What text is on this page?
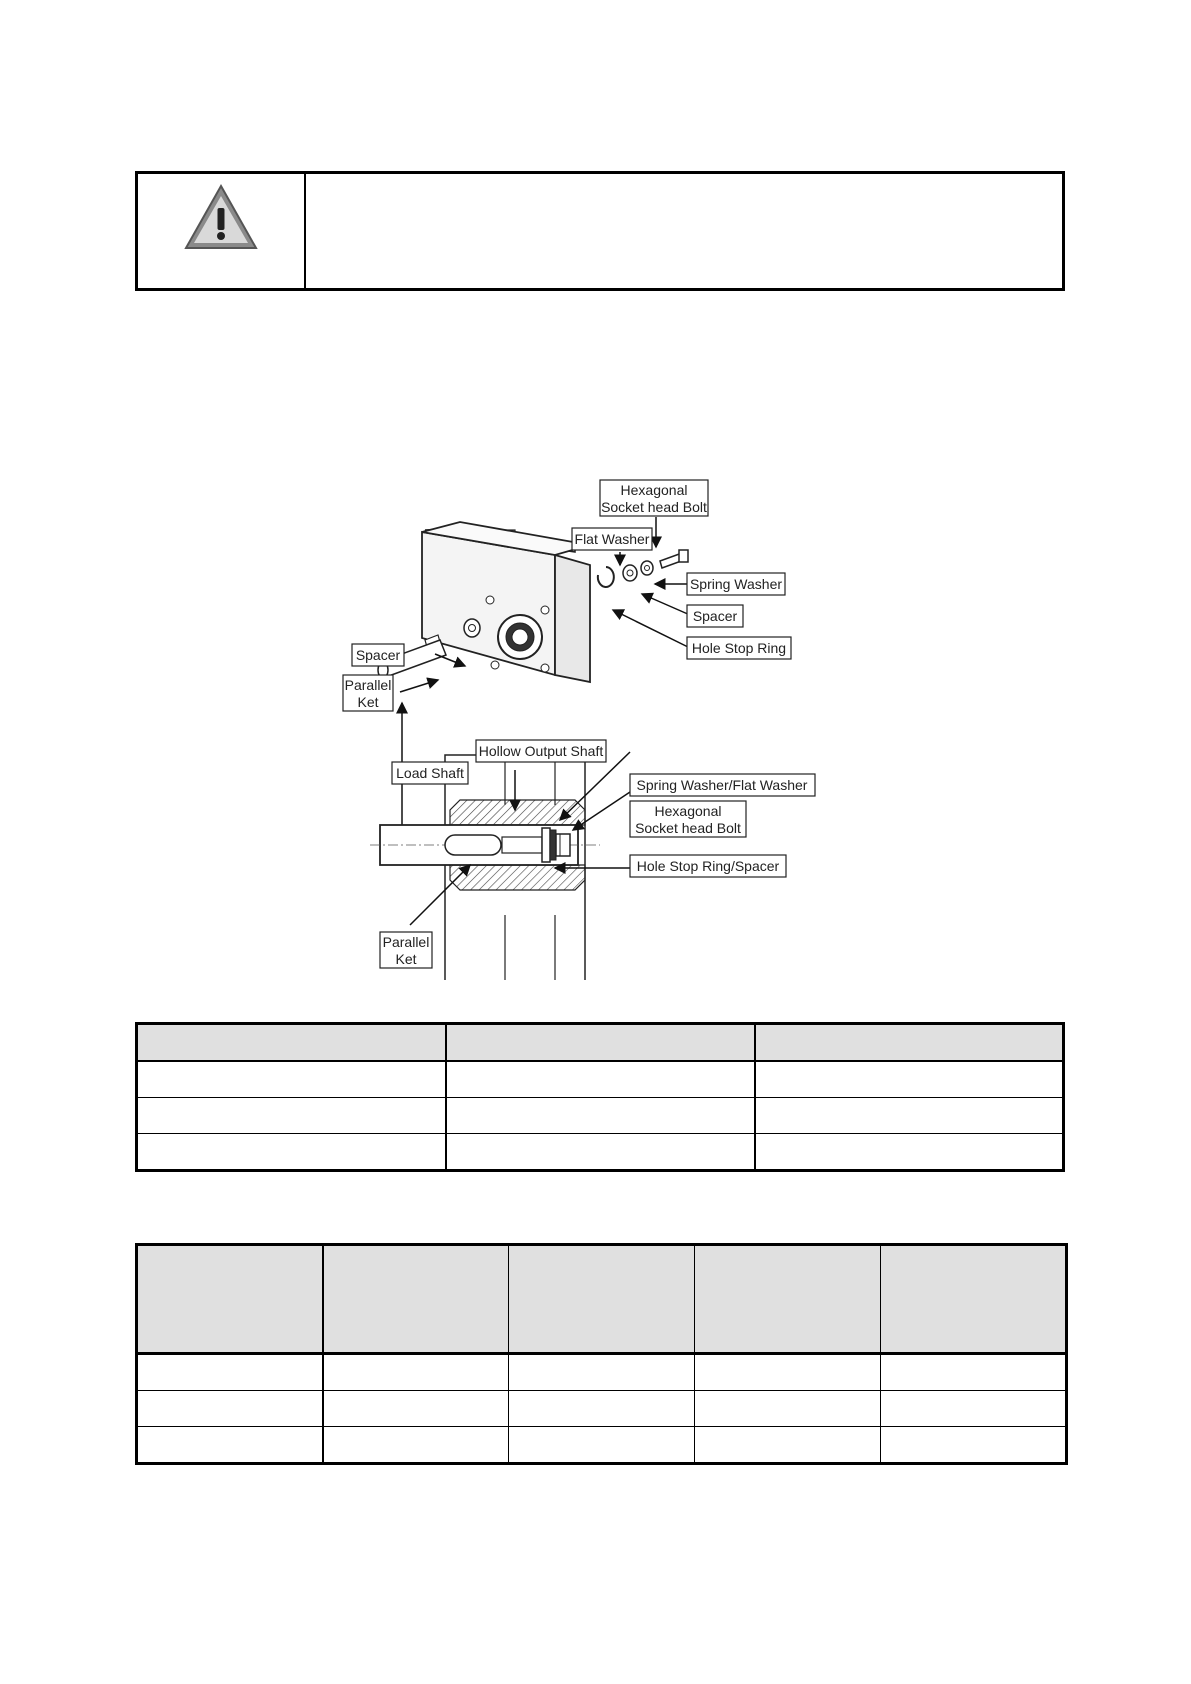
Hexagonal
Socket head Bolt
Flat Washer
Spring Washer
Spacer
Hole Stop Ring
Spacer
Parallel
Ket
Load Shaft
Hollow Output Shaft
Spring Washer/Flat Washer
Hexagonal
Socket head Bolt
Hole Stop Ring/Spacer
Parallel
Ket
